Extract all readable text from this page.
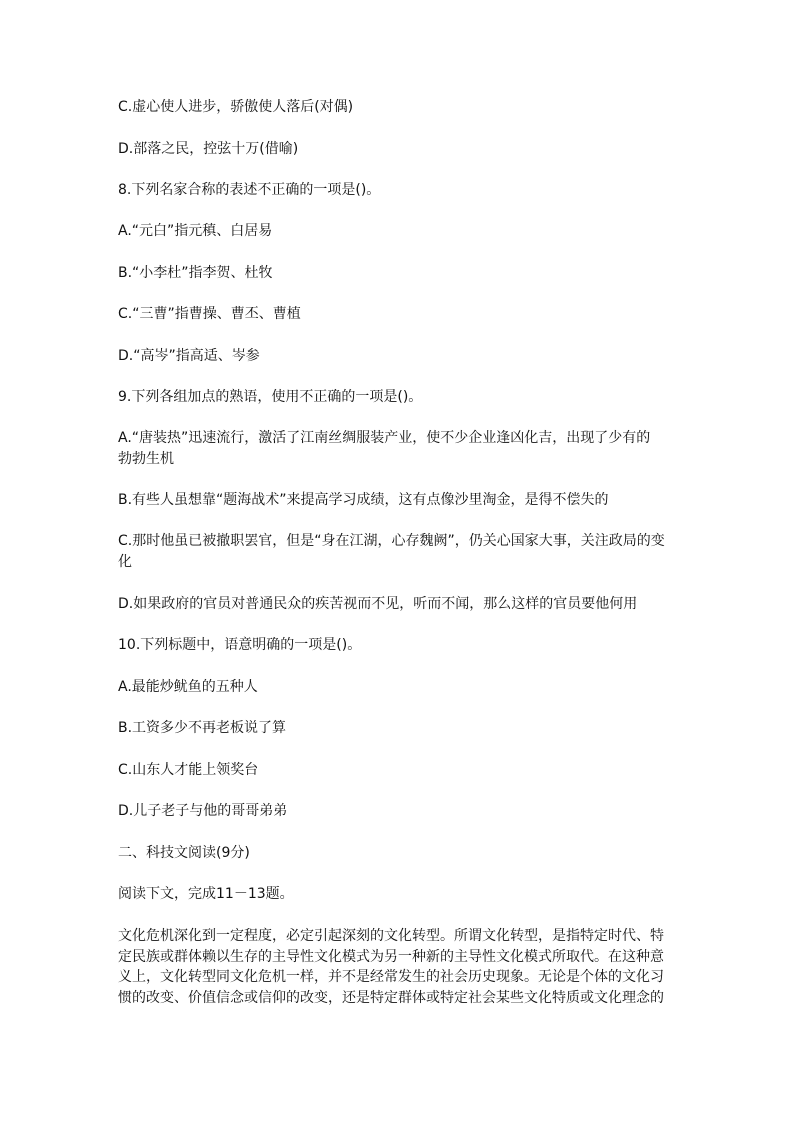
C.虚心使人进步，骄傲使人落后(对偶)
D.部落之民，控弦十万(借喻)
8.下列名家合称的表述不正确的一项是()。
A.“元白”指元稹、白居易
B.“小李杜”指李贺、杜牧
C.“三曹”指曹操、曹丕、曹植
D.“高岑”指高适、岑参
9.下列各组加点的熟语，使用不正确的一项是()。
A.“唐装热”迅速流行，激活了江南丝绸服装产业，使不少企业逢凶化吉，出现了少有的
勃勃生机
B.有些人虽想靠“题海战术”来提高学习成绩，这有点像沙里淘金，是得不偿失的
C.那时他虽已被撤职罢官，但是“身在江湖，心存魏阙”，仍关心国家大事，关注政局的变
化
D.如果政府的官员对普通民众的疾苦视而不见，听而不闻，那么这样的官员要他何用
10.下列标题中，语意明确的一项是()。
A.最能炒鱿鱼的五种人
B.工资多少不再老板说了算
C.山东人才能上领奖台
D.儿子老子与他的哥哥弟弟
二、科技文阅读(9分)
阅读下文，完成11－13题。
文化危机深化到一定程度，必定引起深刻的文化转型。所谓文化转型，是指特定时代、特
定民族或群体赖以生存的主导性文化模式为另一种新的主导性文化模式所取代。在这种意
义上，文化转型同文化危机一样，并不是经常发生的社会历史现象。无论是个体的文化习
惯的改变、价值信念或信仰的改变，还是特定群体或特定社会某些文化特质或文化理念的
